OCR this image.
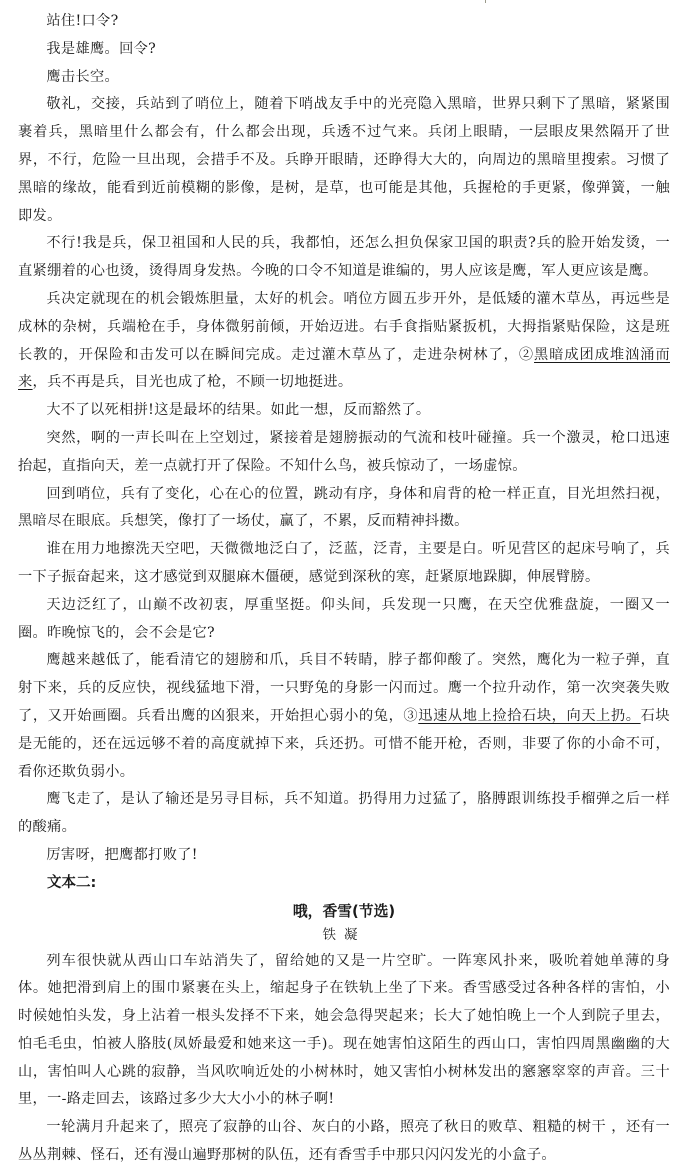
站住!口令?

我是雄鹰。回令?

鹰击长空。

敬礼，交接，兵站到了哨位上，随着下哨战友手中的光亮隐入黑暗，世界只剩下了黑暗，紧紧围裹着兵，黑暗里什么都会有，什么都会出现，兵透不过气来。兵闭上眼睛，一层眼皮果然隔开了世界，不行，危险一旦出现，会措手不及。兵睁开眼睛，还睁得大大的，向周边的黑暗里搜索。习惯了黑暗的缘故，能看到近前模糊的影像，是树，是草，也可能是其他，兵握枪的手更紧，像弹簧，一触即发。

不行!我是兵，保卫祖国和人民的兵，我都怕，还怎么担负保家卫国的职责?兵的脸开始发烫，一直紧绷着的心也烫，烫得周身发热。今晚的口令不知道是谁编的，男人应该是鹰，军人更应该是鹰。

兵决定就现在的机会锻炼胆量，太好的机会。哨位方圆五步开外，是低矮的灌木草丛，再远些是成林的杂树，兵端枪在手，身体微躬前倾，开始迈进。右手食指贴紧扳机，大拇指紧贴保险，这是班长教的，开保险和击发可以在瞬间完成。走过灌木草丛了，走进杂树林了，②黑暗成团成堆汹涌而来，兵不再是兵，目光也成了枪，不顾一切地挺进。

大不了以死相拼!这是最坏的结果。如此一想，反而豁然了。

突然，啊的一声长叫在上空划过，紧接着是翅膀振动的气流和枝叶碰撞。兵一个激灵，枪口迅速抬起，直指向天，差一点就打开了保险。不知什么鸟，被兵惊动了，一场虚惊。

回到哨位，兵有了变化，心在心的位置，跳动有序，身体和肩背的枪一样正直，目光坦然扫视，黑暗尽在眼底。兵想笑，像打了一场仗，赢了，不累，反而精神抖擞。

谁在用力地擦洗天空吧，天微微地泛白了，泛蓝，泛青，主要是白。听见营区的起床号响了，兵一下子振奋起来，这才感觉到双腿麻木僵硬，感觉到深秋的寒，赶紧原地跺脚，伸展臂膀。

天边泛红了，山巅不改初衷，厚重坚挺。仰头间，兵发现一只鹰，在天空优雅盘旋，一圈又一圈。昨晚惊飞的，会不会是它?

鹰越来越低了，能看清它的翅膀和爪，兵目不转睛，脖子都仰酸了。突然，鹰化为一粒子弹，直射下来，兵的反应快，视线猛地下滑，一只野兔的身影一闪而过。鹰一个拉升动作，第一次突袭失败了，又开始画圈。兵看出鹰的凶狠来，开始担心弱小的兔，③迅速从地上捡拾石块，向天上扔。石块是无能的，还在远远够不着的高度就掉下来，兵还扔。可惜不能开枪，否则，非要了你的小命不可，看你还欺负弱小。

鹰飞走了，是认了输还是另寻目标，兵不知道。扔得用力过猛了，胳膊跟训练投手榴弹之后一样的酸痛。

厉害呀，把鹰都打败了!

文本二:

哦，香雪(节选)

铁凝

列车很快就从西山口车站消失了，留给她的又是一片空旷。一阵寒风扑来，吸吮着她单薄的身体。她把滑到肩上的围巾紧裹在头上，缩起身子在铁轨上坐了下来。香雪感受过各种各样的害怕，小时候她怕头发，身上沾着一根头发择不下来，她会急得哭起来；长大了她怕晚上一个人到院子里去，怕毛毛虫，怕被人胳肢(凤娇最爱和她来这一手)。现在她害怕这陌生的西山口，害怕四周黑幽幽的大山，害怕叫人心跳的寂静，当风吹响近处的小树林时，她又害怕小树林发出的窸窸窣窣的声音。三十里，一-路走回去，该路过多少大大小小的林子啊!

一轮满月升起来了，照亮了寂静的山谷、灰白的小路，照亮了秋日的败草、粗糙的树干 ，还有一丛丛荆棘、怪石，还有漫山遍野那树的队伍，还有香雪手中那只闪闪发光的小盒子。
